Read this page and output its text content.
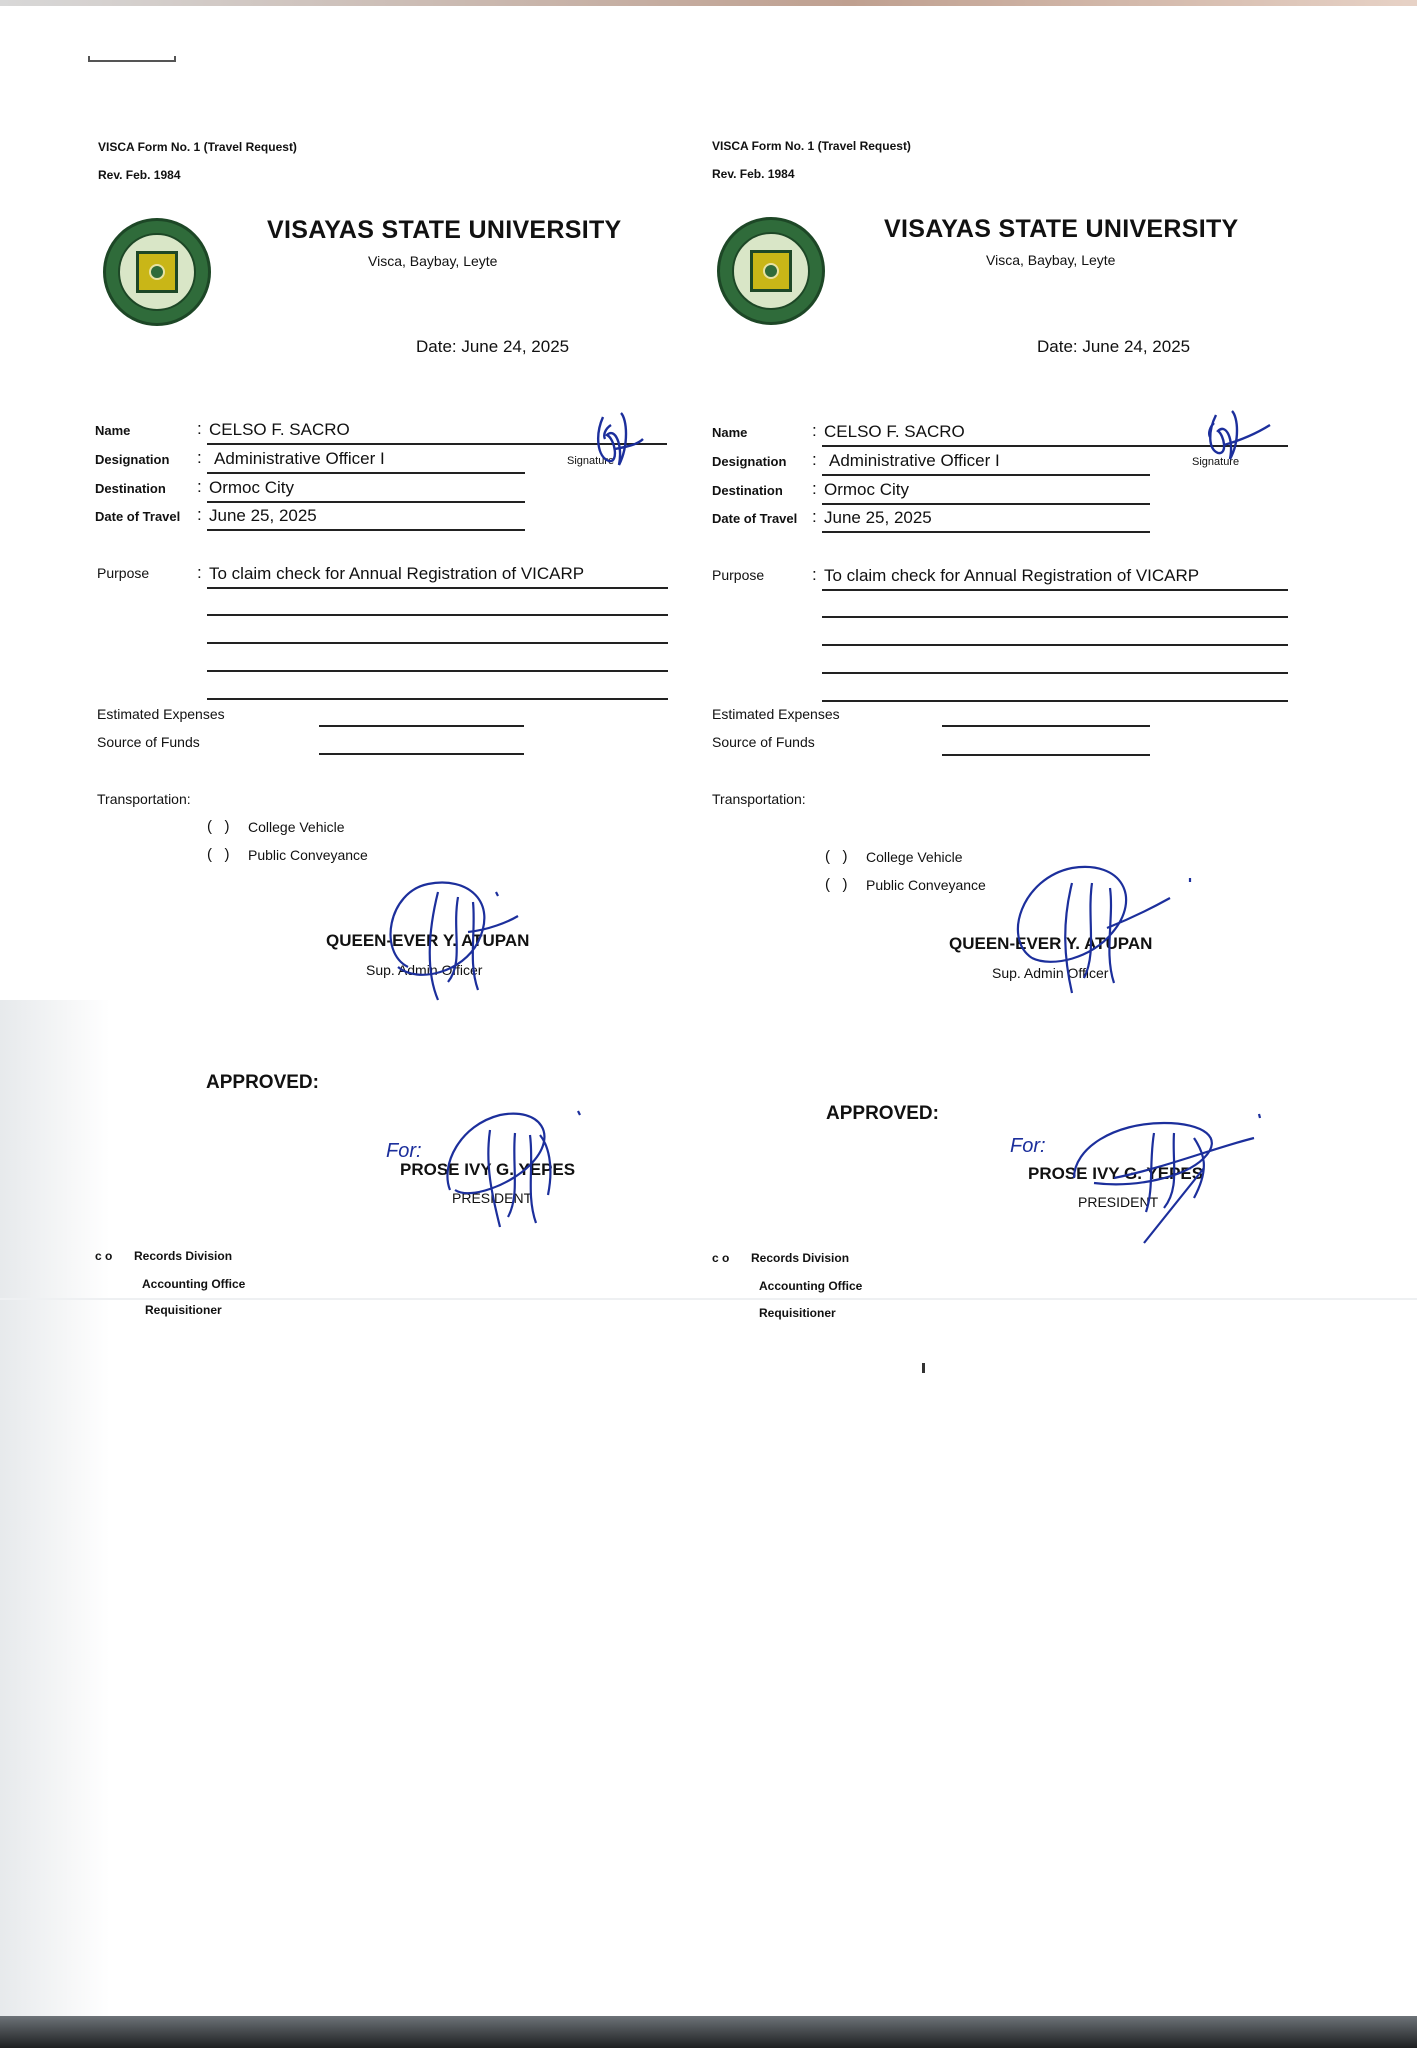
VISCA Form No. 1 (Travel Request)
Rev. Feb. 1984
VISAYAS STATE UNIVERSITY
Visca, Baybay, Leyte
Date: June 24, 2025
Name	: CELSO F. SACRO
Designation : Administrative Officer I	Signature
Destination : Ormoc City
Date of Travel : June 25, 2025
Purpose	: To claim check for Annual Registration of VICARP
Estimated Expenses
Source of Funds
Transportation:
(   ) College Vehicle
(   ) Public Conveyance
QUEEN-EVER Y. ATUPAN
Sup. Admin Officer
APPROVED:
PROSE IVY G. YEPES
PRESIDENT
For:
c o Records Division
Accounting Office
Requisitioner
VISCA Form No. 1 (Travel Request)
Rev. Feb. 1984
VISAYAS STATE UNIVERSITY
Visca, Baybay, Leyte
Date: June 24, 2025
Name	: CELSO F. SACRO
Designation : Administrative Officer I	Signature
Destination : Ormoc City
Date of Travel : June 25, 2025
Purpose	: To claim check for Annual Registration of VICARP
Estimated Expenses
Source of Funds
Transportation:
(   ) College Vehicle
(   ) Public Conveyance
QUEEN-EVER Y. ATUPAN
Sup. Admin Officer
APPROVED:
For:
PROSE IVY G. YEPES
PRESIDENT
c o Records Division
Accounting Office
Requisitioner
